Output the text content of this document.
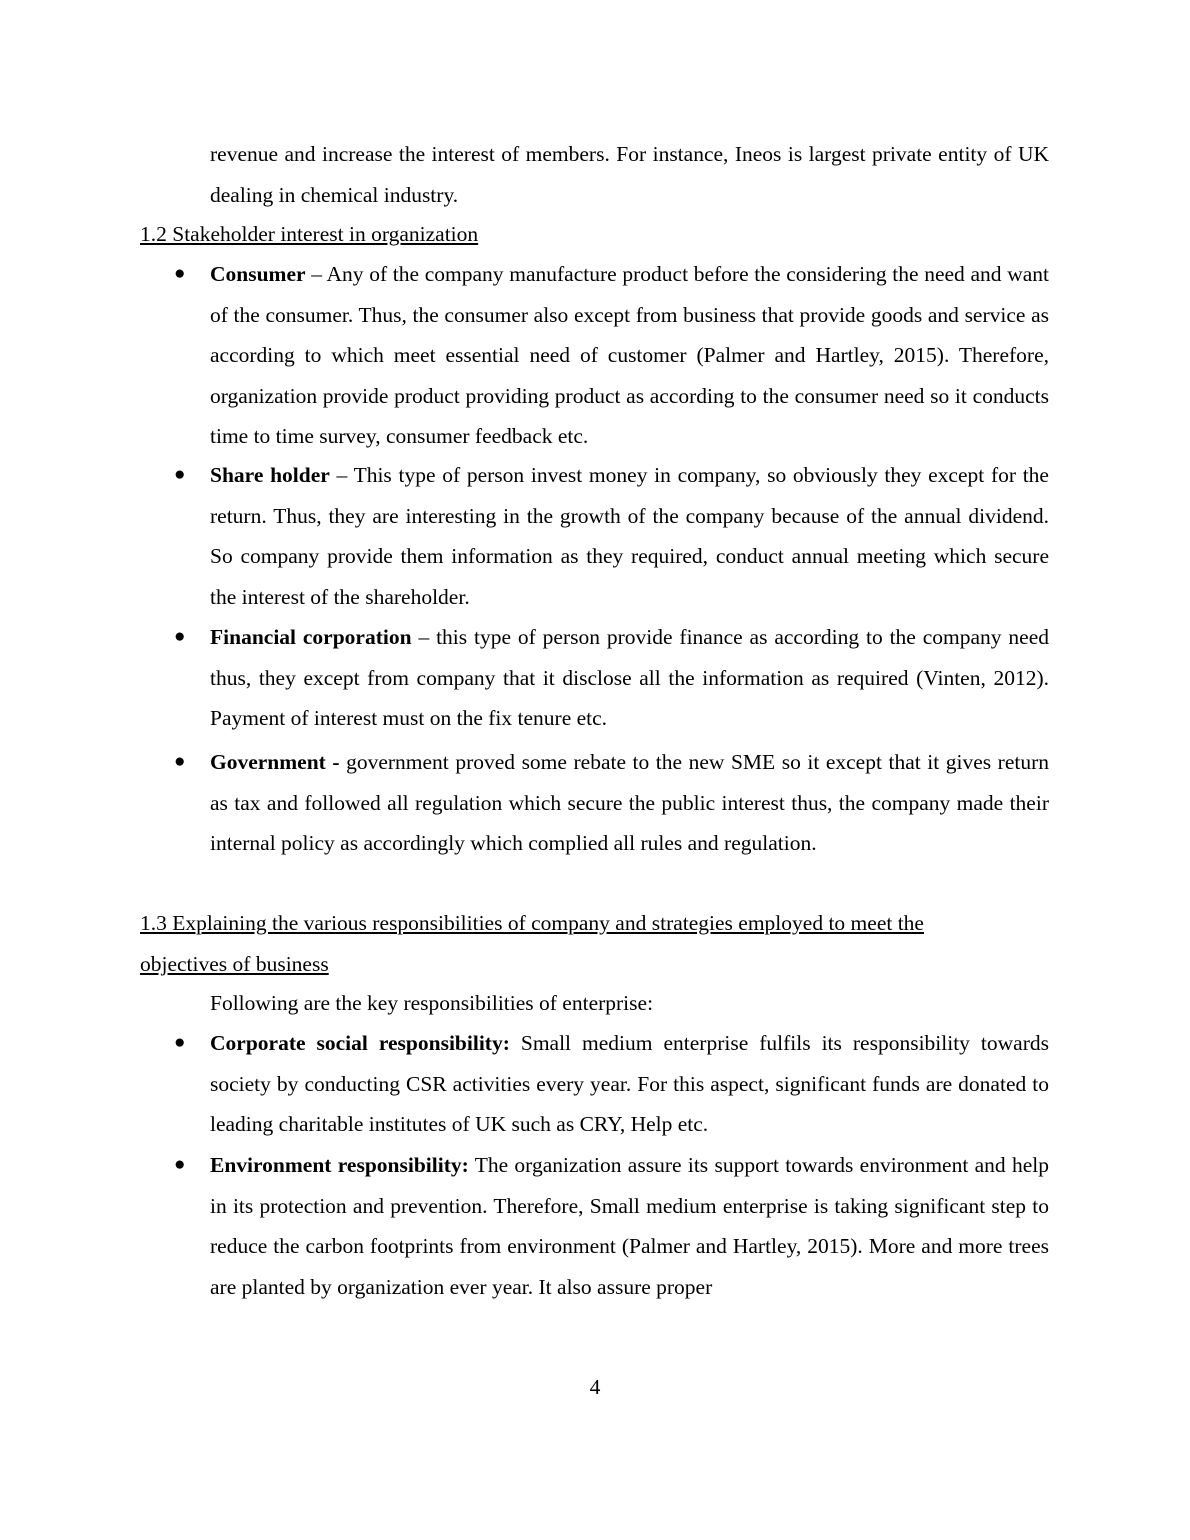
revenue and increase the interest of members. For instance, Ineos is largest private entity of UK dealing in chemical industry.

1.2 Stakeholder interest in organization

● Consumer – Any of the company manufacture product before the considering the need and want of the consumer. Thus, the consumer also except from business that provide goods and service as according to which meet essential need of customer (Palmer and Hartley, 2015). Therefore, organization provide product providing product as according to the consumer need so it conducts time to time survey, consumer feedback etc.

● Share holder – This type of person invest money in company, so obviously they except for the return. Thus, they are interesting in the growth of the company because of the annual dividend. So company provide them information as they required, conduct annual meeting which secure the interest of the shareholder.

● Financial corporation – this type of person provide finance as according to the company need thus, they except from company that it disclose all the information as required (Vinten, 2012). Payment of interest must on the fix tenure etc.

● Government - government proved some rebate to the new SME so it except that it gives return as tax and followed all regulation which secure the public interest thus, the company made their internal policy as accordingly which complied all rules and regulation.

1.3 Explaining the various responsibilities of company and strategies employed to meet the
objectives of business

Following are the key responsibilities of enterprise:

● Corporate social responsibility: Small medium enterprise fulfils its responsibility towards society by conducting CSR activities every year. For this aspect, significant funds are donated to leading charitable institutes of UK such as CRY, Help etc.

● Environment responsibility: The organization assure its support towards environment and help in its protection and prevention. Therefore, Small medium enterprise is taking significant step to reduce the carbon footprints from environment (Palmer and Hartley, 2015). More and more trees are planted by organization ever year. It also assure proper

4
